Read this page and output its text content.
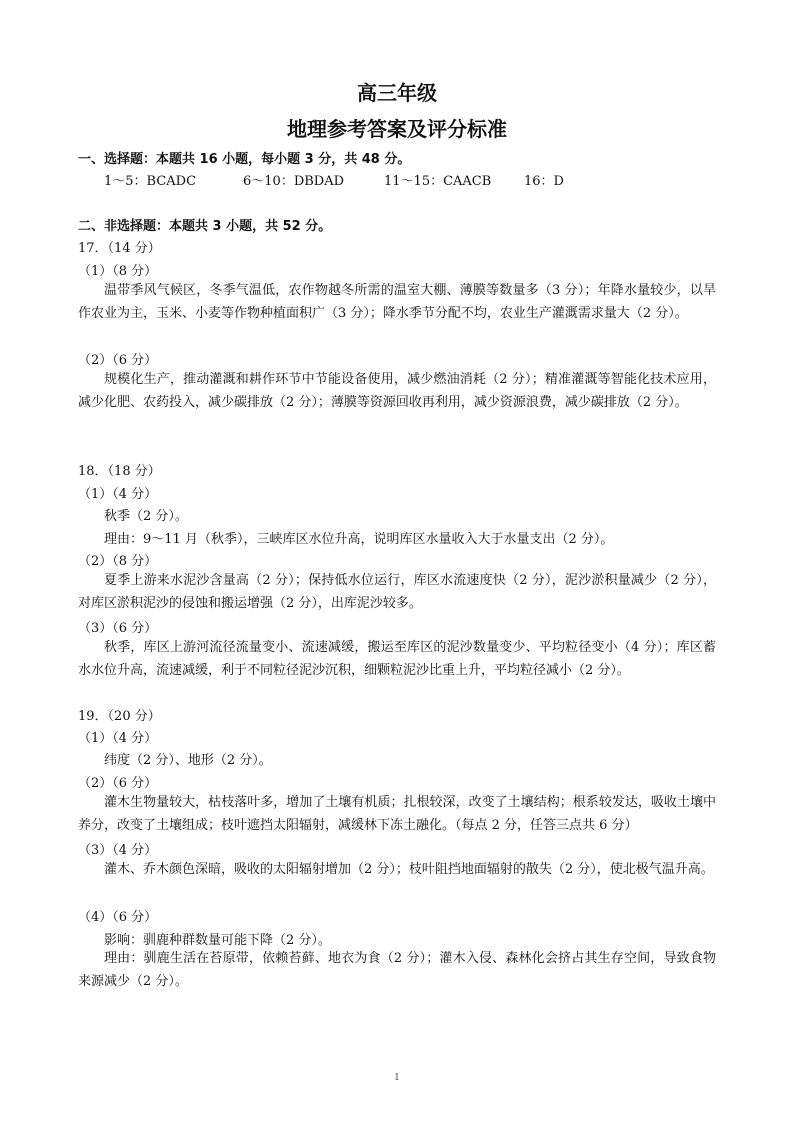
高三年级
地理参考答案及评分标准
一、选择题：本题共 16 小题，每小题 3 分，共 48 分。
1～5：BCADC	6～10：DBDAD	11～15：CAACB	16：D
二、非选择题：本题共 3 小题，共 52 分。
17．（14 分）
（1）（8 分）
温带季风气候区，冬季气温低，农作物越冬所需的温室大棚、薄膜等数量多（3 分）；年降水量较少，以旱作农业为主，玉米、小麦等作物种植面积广（3 分）；降水季节分配不均，农业生产灌溉需求量大（2 分）。
（2）（6 分）
规模化生产，推动灌溉和耕作环节中节能设备使用，减少燃油消耗（2 分）；精准灌溉等智能化技术应用，减少化肥、农药投入，减少碳排放（2 分）；薄膜等资源回收再利用，减少资源浪费，减少碳排放（2 分）。
18．（18 分）
（1）（4 分）
秋季（2 分）。
理由：9～11 月（秋季），三峡库区水位升高，说明库区水量收入大于水量支出（2 分）。
（2）（8 分）
夏季上游来水泥沙含量高（2 分）；保持低水位运行，库区水流速度快（2 分），泥沙淤积量减少（2 分），对库区淤积泥沙的侵蚀和搬运增强（2 分），出库泥沙较多。
（3）（6 分）
秋季，库区上游河流径流量变小、流速减缓，搬运至库区的泥沙数量变少、平均粒径变小（4 分）；库区蓄水水位升高，流速减缓，利于不同粒径泥沙沉积，细颗粒泥沙比重上升，平均粒径减小（2 分）。
19．（20 分）
（1）（4 分）
纬度（2 分）、地形（2 分）。
（2）（6 分）
灌木生物量较大，枯枝落叶多，增加了土壤有机质；扎根较深，改变了土壤结构；根系较发达，吸收土壤中养分，改变了土壤组成；枝叶遮挡太阳辐射，减缓林下冻土融化。（每点 2 分，任答三点共 6 分）
（3）（4 分）
灌木、乔木颜色深暗，吸收的太阳辐射增加（2 分）；枝叶阻挡地面辐射的散失（2 分），使北极气温升高。
（4）（6 分）
影响：驯鹿种群数量可能下降（2 分）。
理由：驯鹿生活在苔原带，依赖苔藓、地衣为食（2 分）；灌木入侵、森林化会挤占其生存空间，导致食物来源减少（2 分）。
1
